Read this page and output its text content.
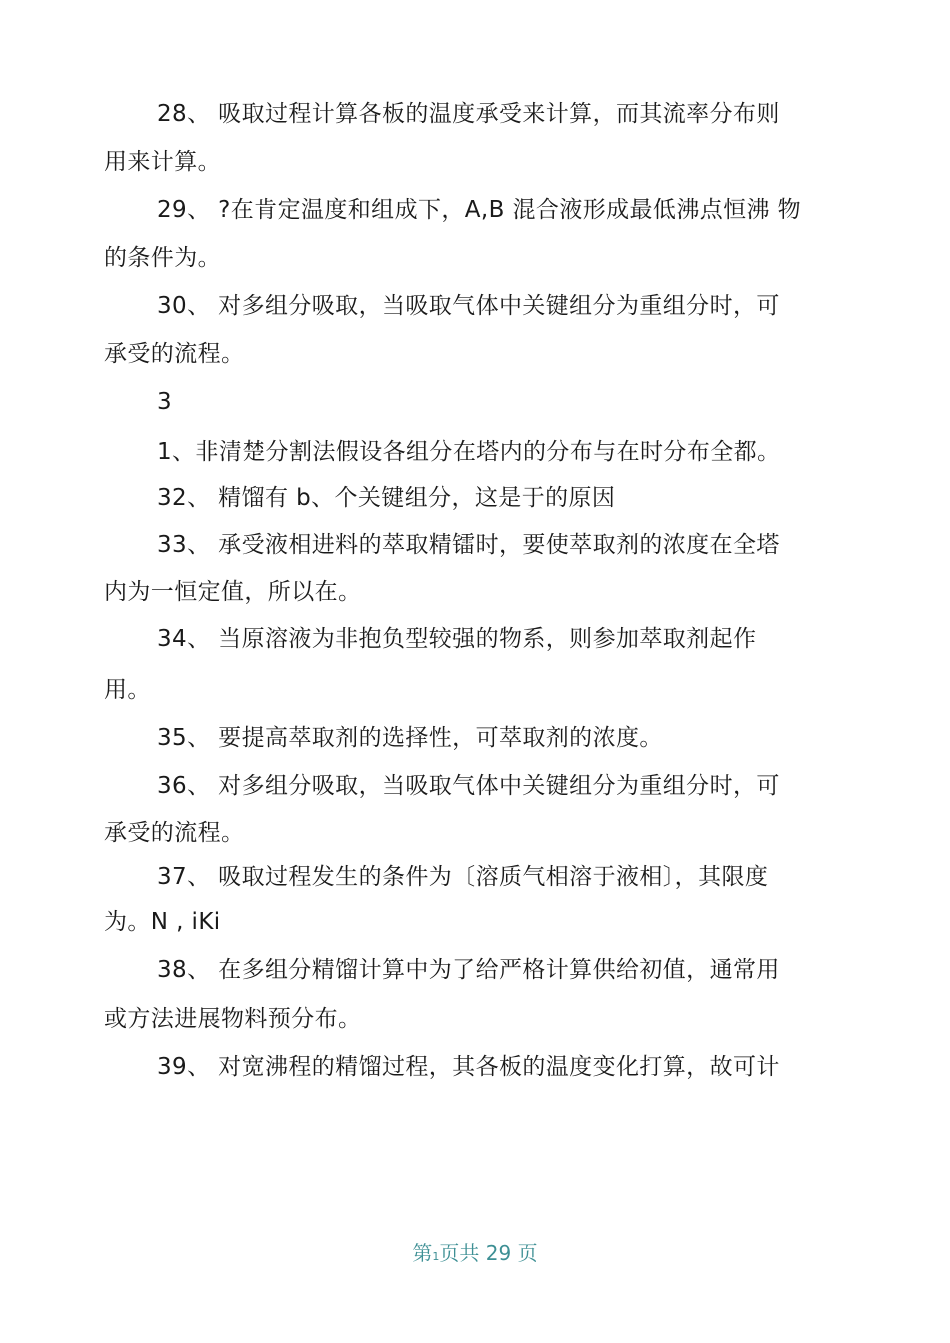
28、 吸取过程计算各板的温度承受来计算，而其流率分布则
用来计算。
29、 ?在肯定温度和组成下，A,B 混合液形成最低沸点恒沸 物
的条件为。
30、 对多组分吸取，当吸取气体中关键组分为重组分时，可
承受的流程。
3
1、非清楚分割法假设各组分在塔内的分布与在时分布全都。
32、 精馏有 b、个关键组分，这是于的原因
33、 承受液相进料的萃取精镭时，要使萃取剂的浓度在全塔
内为一恒定值，所以在。
34、 当原溶液为非抱负型较强的物系，则参加萃取剂起作
用。
35、 要提高萃取剂的选择性，可萃取剂的浓度。
36、 对多组分吸取，当吸取气体中关键组分为重组分时，可
承受的流程。
37、 吸取过程发生的条件为〔溶质气相溶于液相〕，其限度
为。N , iKi
38、 在多组分精馏计算中为了给严格计算供给初值，通常用
或方法进展物料预分布。
39、 对宽沸程的精馏过程，其各板的温度变化打算，故可计
第1页共 29 页
